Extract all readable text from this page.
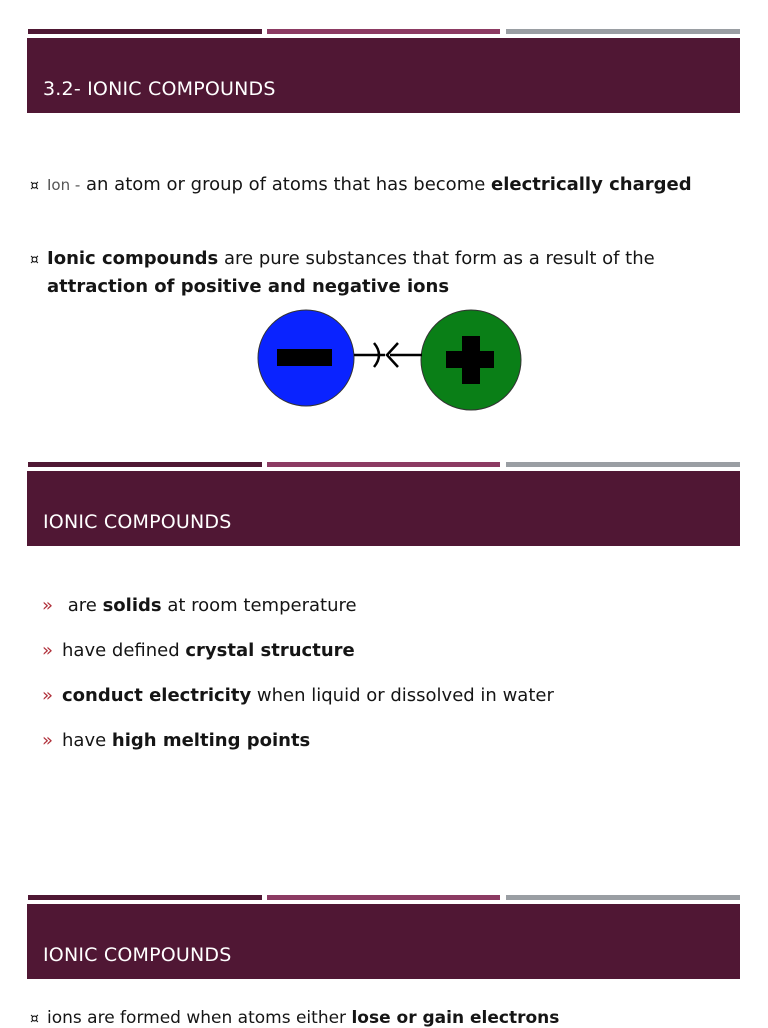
3.2- IONIC COMPOUNDS
¤ Ion - an atom or group of atoms that has become electrically charged
¤ Ionic compounds are pure substances that form as a result of the
attraction of positive and negative ions
IONIC COMPOUNDS
» are solids at room temperature
» have defined crystal structure
» conduct electricity when liquid or dissolved in water
» have high melting points
IONIC COMPOUNDS
¤ ions are formed when atoms either lose or gain electrons
